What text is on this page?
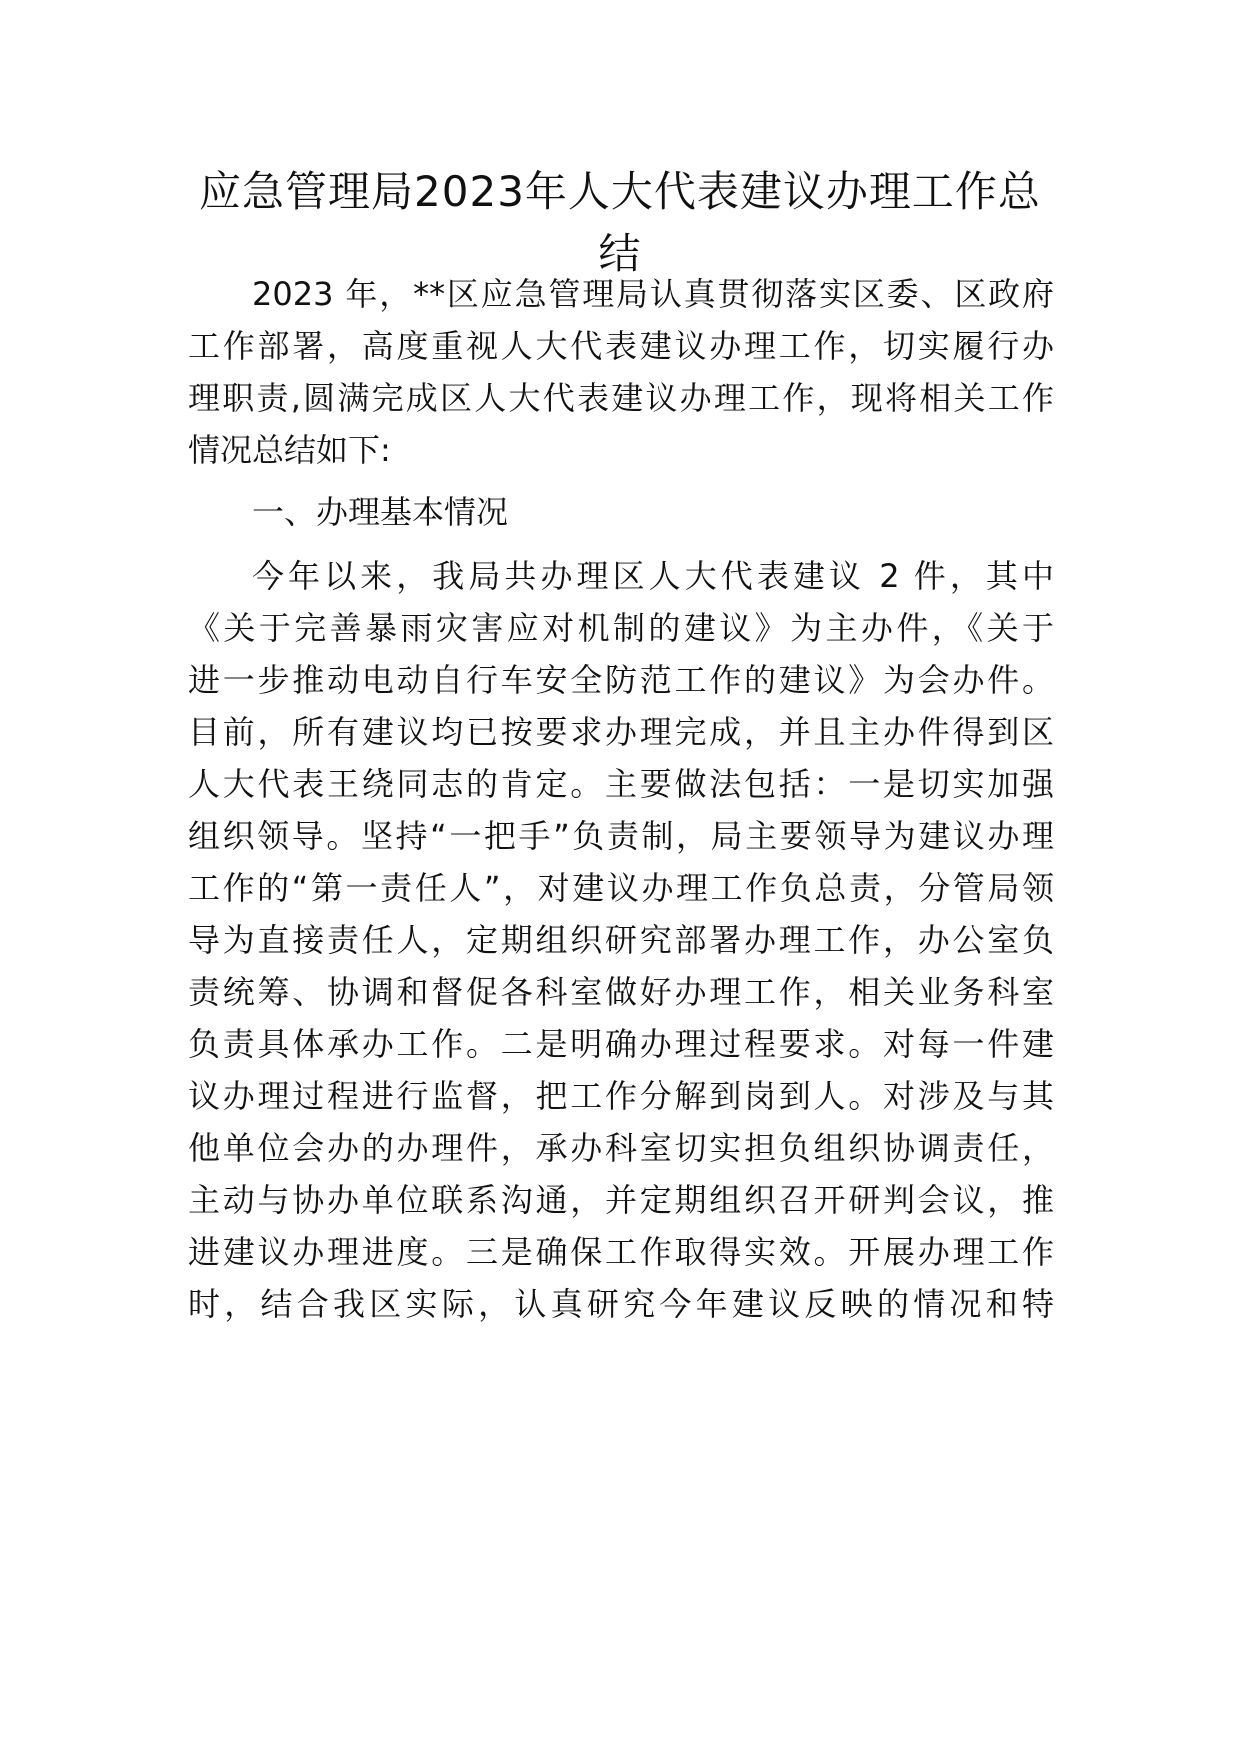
应急管理局2023年人大代表建议办理工作总
结
2023 年，**区应急管理局认真贯彻落实区委、区政府
工作部署，高度重视人大代表建议办理工作，切实履行办
理职责,圆满完成区人大代表建议办理工作，现将相关工作
情况总结如下:
一、办理基本情况
今年以来，我局共办理区人大代表建议 2 件，其中
《关于完善暴雨灾害应对机制的建议》为主办件，《关于
进一步推动电动自行车安全防范工作的建议》为会办件。
目前，所有建议均已按要求办理完成，并且主办件得到区
人大代表王绕同志的肯定。主要做法包括：一是切实加强
组织领导。坚持“一把手”负责制，局主要领导为建议办理
工作的“第一责任人”，对建议办理工作负总责，分管局领
导为直接责任人，定期组织研究部署办理工作，办公室负
责统筹、协调和督促各科室做好办理工作，相关业务科室
负责具体承办工作。二是明确办理过程要求。对每一件建
议办理过程进行监督，把工作分解到岗到人。对涉及与其
他单位会办的办理件，承办科室切实担负组织协调责任，
主动与协办单位联系沟通，并定期组织召开研判会议，推
进建议办理进度。三是确保工作取得实效。开展办理工作
时，结合我区实际，认真研究今年建议反映的情况和特
